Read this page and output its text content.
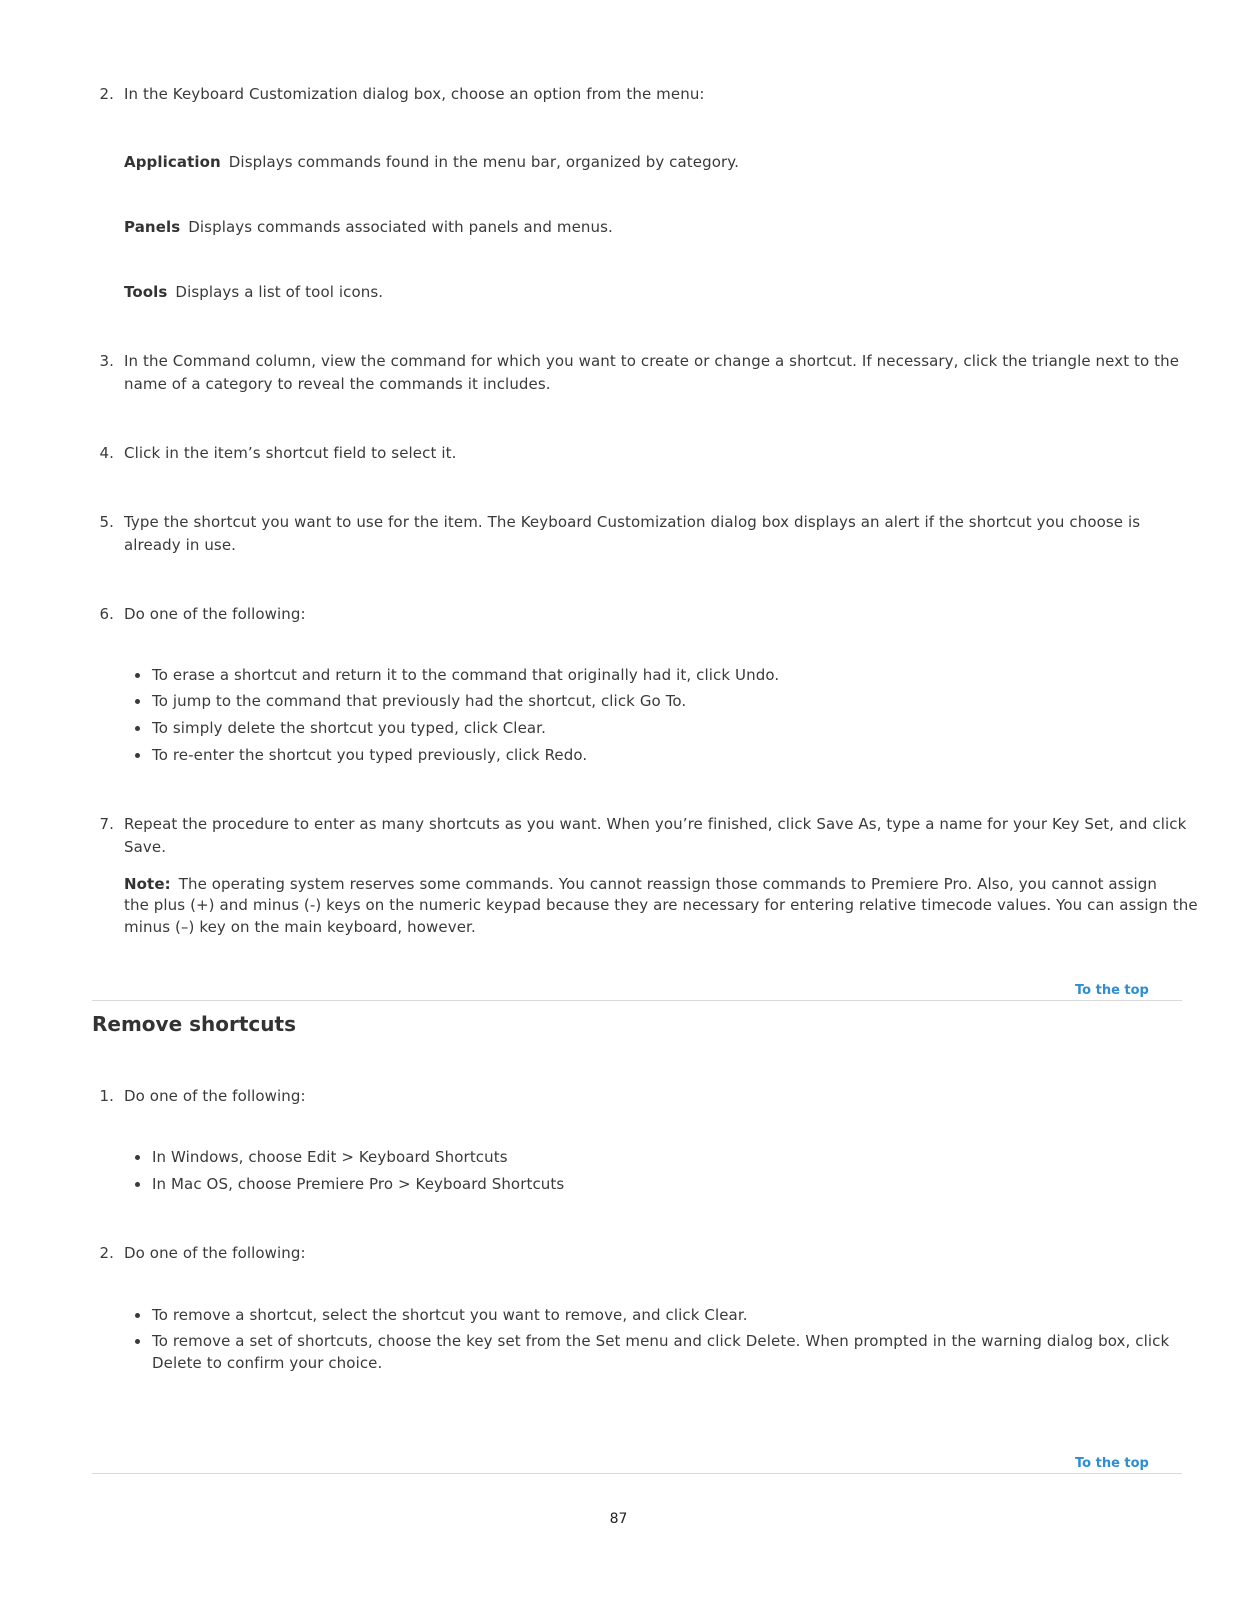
2. In the Keyboard Customization dialog box, choose an option from the menu:
Application Displays commands found in the menu bar, organized by category.
Panels Displays commands associated with panels and menus.
Tools Displays a list of tool icons.
3. In the Command column, view the command for which you want to create or change a shortcut. If necessary, click the triangle next to the
name of a category to reveal the commands it includes.
4. Click in the item’s shortcut field to select it.
5. Type the shortcut you want to use for the item. The Keyboard Customization dialog box displays an alert if the shortcut you choose is
already in use.
6. Do one of the following:
To erase a shortcut and return it to the command that originally had it, click Undo.
To jump to the command that previously had the shortcut, click Go To.
To simply delete the shortcut you typed, click Clear.
To re-enter the shortcut you typed previously, click Redo.
7. Repeat the procedure to enter as many shortcuts as you want. When you’re finished, click Save As, type a name for your Key Set, and click
Save.
Note: The operating system reserves some commands. You cannot reassign those commands to Premiere Pro. Also, you cannot assign
the plus (+) and minus (-) keys on the numeric keypad because they are necessary for entering relative timecode values. You can assign the
minus (–) key on the main keyboard, however.
To the top
Remove shortcuts
1. Do one of the following:
In Windows, choose Edit > Keyboard Shortcuts
In Mac OS, choose Premiere Pro > Keyboard Shortcuts
2. Do one of the following:
To remove a shortcut, select the shortcut you want to remove, and click Clear.
To remove a set of shortcuts, choose the key set from the Set menu and click Delete. When prompted in the warning dialog box, click
Delete to confirm your choice.
To the top
87
